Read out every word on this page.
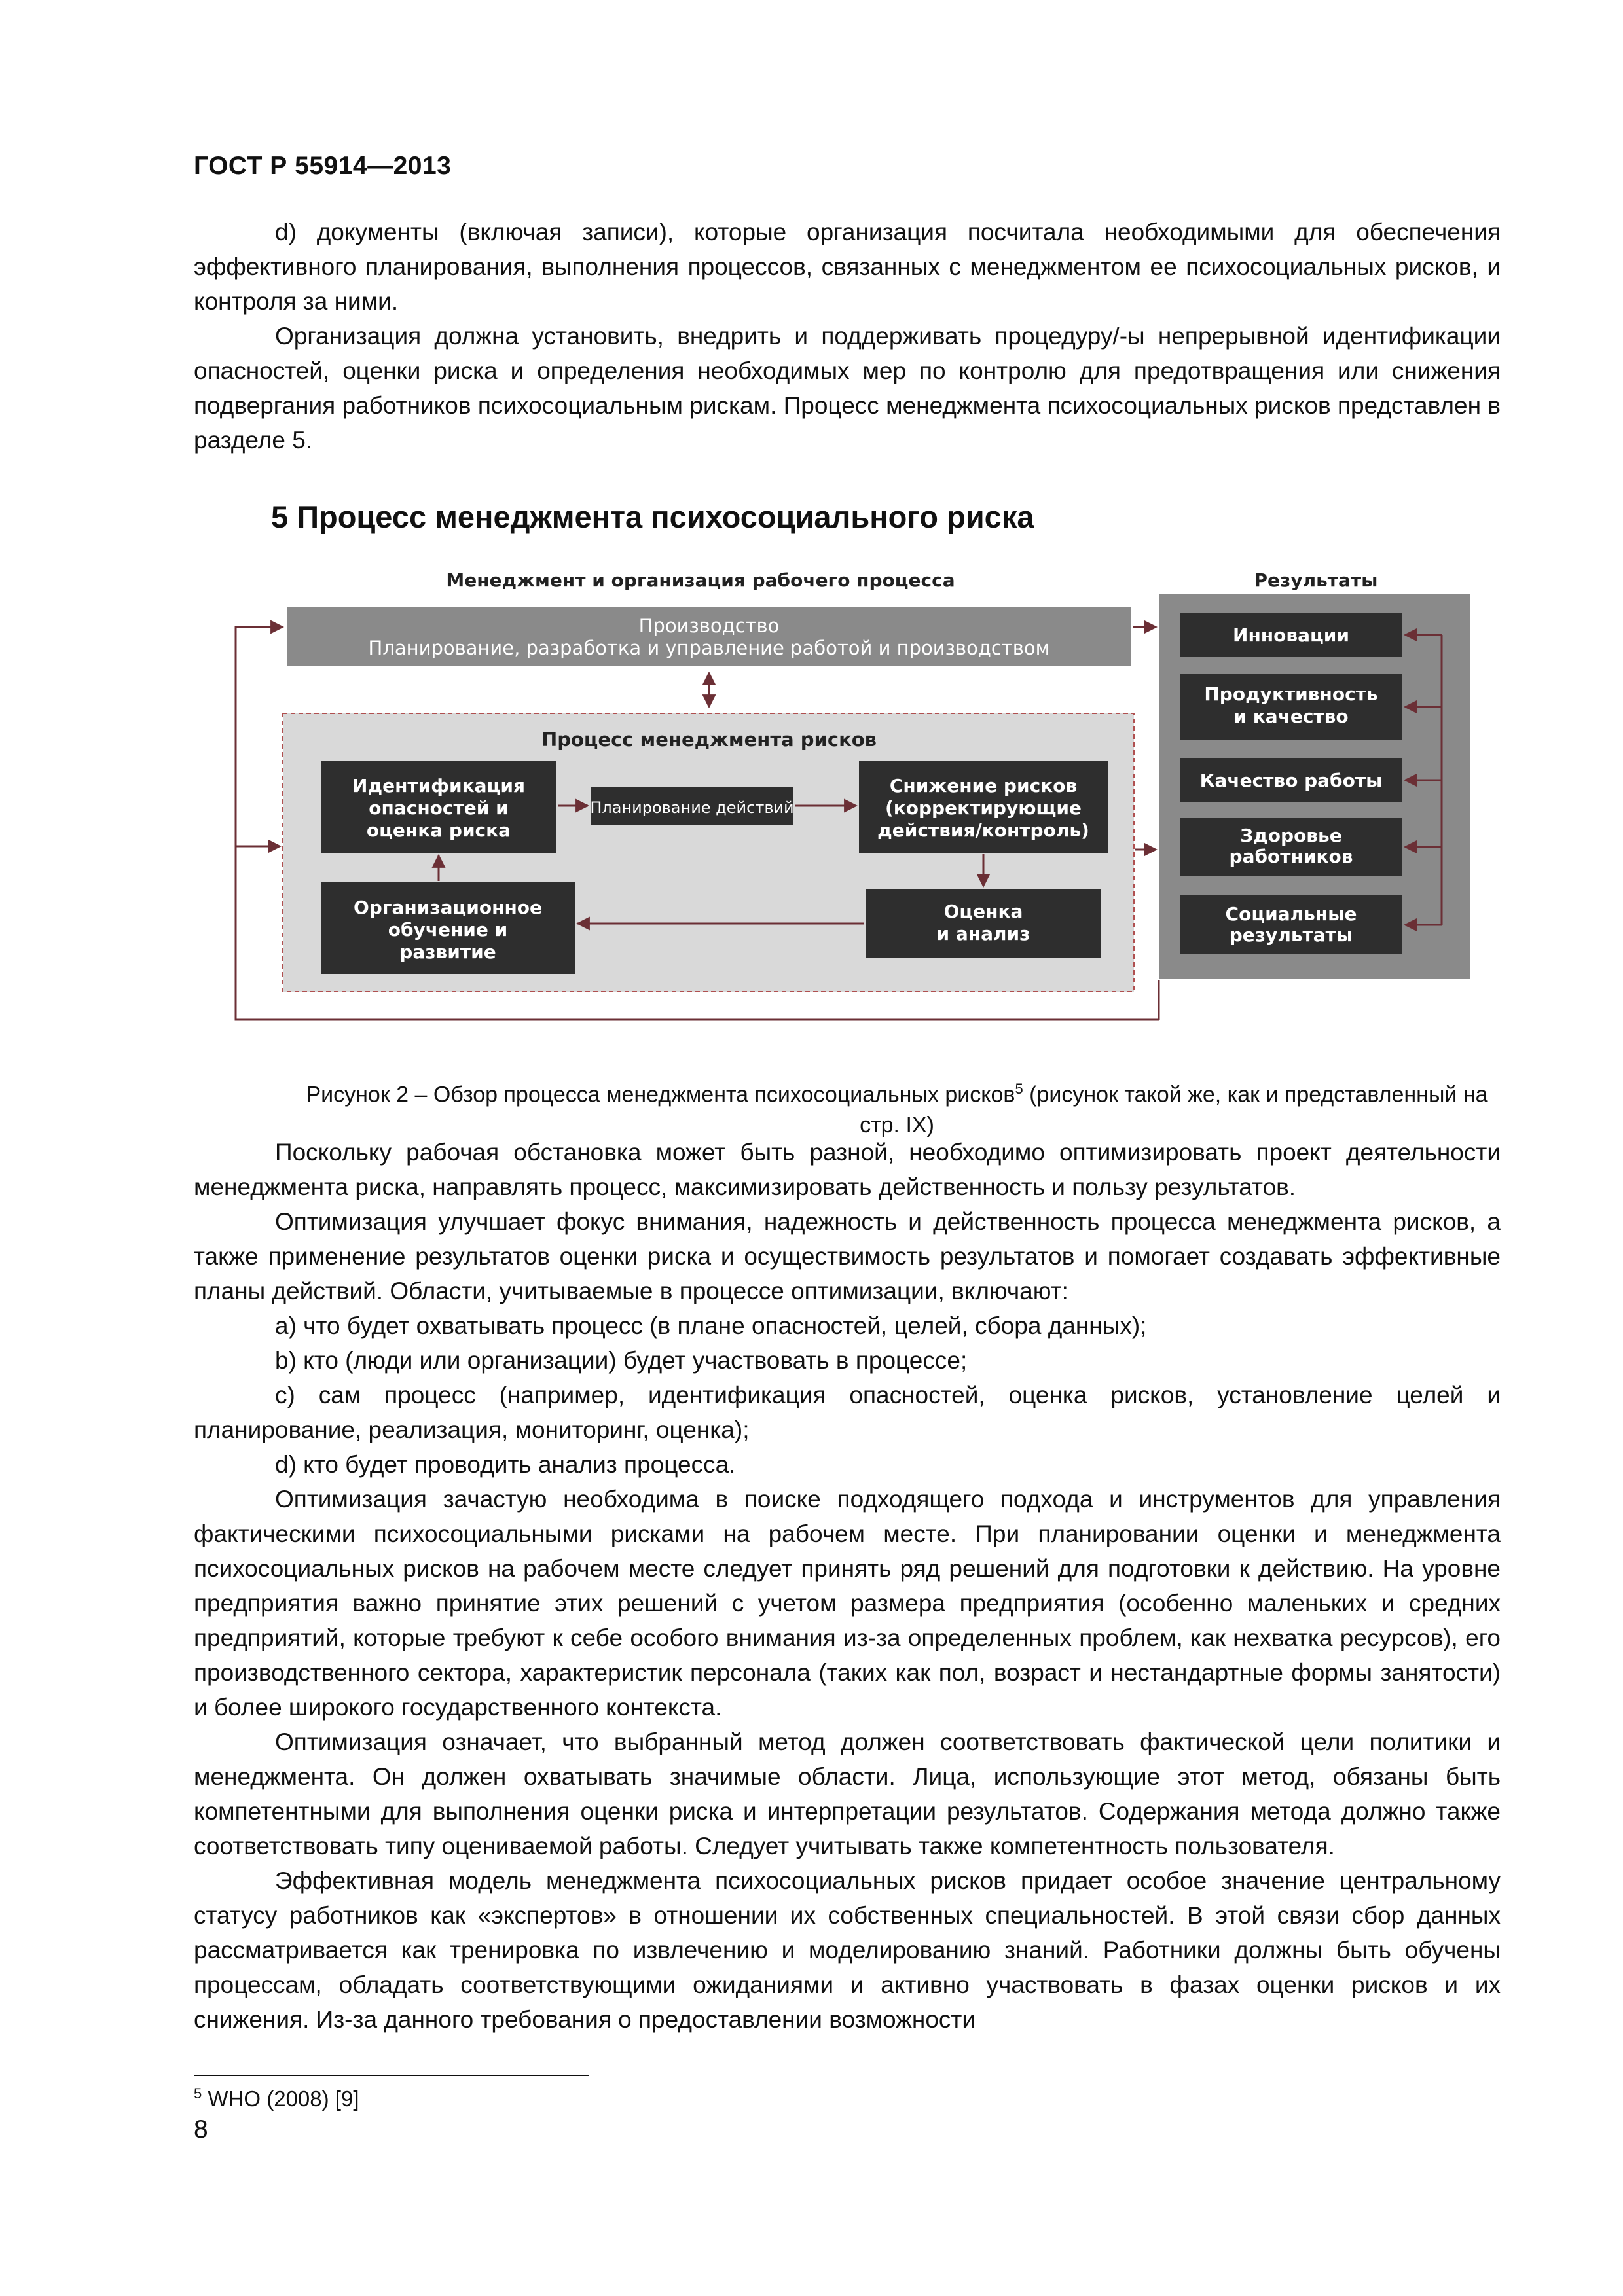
ГОСТ Р 55914—2013

d) документы (включая записи), которые организация посчитала необходимыми для обеспечения эффективного планирования, выполнения процессов, связанных с менеджментом ее психосоциальных рисков, и контроля за ними.

Организация должна установить, внедрить и поддерживать процедуру/-ы непрерывной идентификации опасностей, оценки риска и определения необходимых мер по контролю для предотвращения или снижения подвергания работников психосоциальным рискам. Процесс менеджмента психосоциальных рисков представлен в разделе 5.

5 Процесс менеджмента психосоциального риска
Менеджмент и организация рабочего процесса	Результаты
Производство
Планирование, разработка и управление работой и производством
Процесс менеджмента рисков
Идентификация
опасностей и
оценка риска
Планирование действий
Снижение рисков
(корректирующие
действия/контроль)
Оценка
и анализ
Организационное
обучение и
развитие
Инновации
Продуктивность
и качество
Качество работы
Здоровье
работников
Социальные
результаты
Рисунок 2 – Обзор процесса менеджмента психосоциальных рисков$^5$ (рисунок такой же, как и представленный на стр. IX)

Поскольку рабочая обстановка может быть разной, необходимо оптимизировать проект деятельности менеджмента риска, направлять процесс, максимизировать действенность и пользу результатов.

Оптимизация улучшает фокус внимания, надежность и действенность процесса менеджмента рисков, а также применение результатов оценки риска и осуществимость результатов и помогает создавать эффективные планы действий. Области, учитываемые в процессе оптимизации, включают:

a) что будет охватывать процесс (в плане опасностей, целей, сбора данных);

b) кто (люди или организации) будет участвовать в процессе;

c) сам процесс (например, идентификация опасностей, оценка рисков, установление целей и планирование, реализация, мониторинг, оценка);

d) кто будет проводить анализ процесса.

Оптимизация зачастую необходима в поиске подходящего подхода и инструментов для управления фактическими психосоциальными рисками на рабочем месте. При планировании оценки и менеджмента психосоциальных рисков на рабочем месте следует принять ряд решений для подготовки к действию. На уровне предприятия важно принятие этих решений с учетом размера предприятия (особенно маленьких и средних предприятий, которые требуют к себе особого внимания из-за определенных проблем, как нехватка ресурсов), его производственного сектора, характеристик персонала (таких как пол, возраст и нестандартные формы занятости) и более широкого государственного контекста.

Оптимизация означает, что выбранный метод должен соответствовать фактической цели политики и менеджмента. Он должен охватывать значимые области. Лица, использующие этот метод, обязаны быть компетентными для выполнения оценки риска и интерпретации результатов. Содержания метода должно также соответствовать типу оцениваемой работы. Следует учитывать также компетентность пользователя.

Эффективная модель менеджмента психосоциальных рисков придает особое значение центральному статусу работников как «экспертов» в отношении их собственных специальностей. В этой связи сбор данных рассматривается как тренировка по извлечению и моделированию знаний. Работники должны быть обучены процессам, обладать соответствующими ожиданиями и активно участвовать в фазах оценки рисков и их снижения. Из-за данного требования о предоставлении возможности

$^5$ WHO (2008) [9]
8
